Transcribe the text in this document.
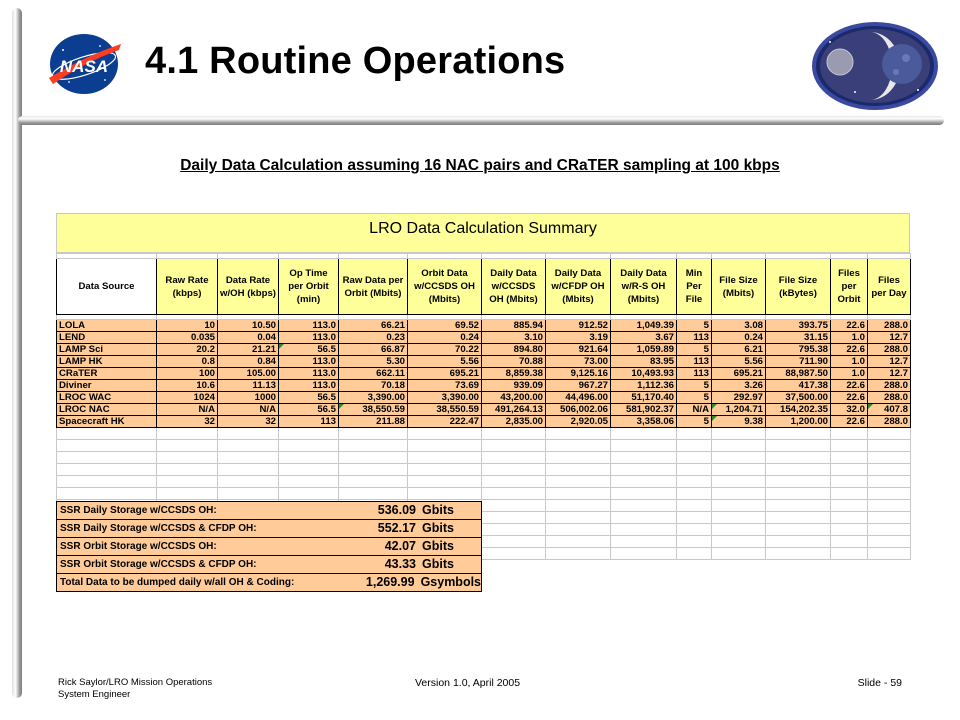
NASA 4.1 Routine Operations
Daily Data Calculation assuming 16 NAC pairs and CRaTER sampling at 100 kbps
LRO Data Calculation Summary

Data Source	Raw Rate (kbps)	Data Rate w/OH (kbps)	Op Time per Orbit (min)	Raw Data per Orbit (Mbits)	Orbit Data w/CCSDS OH (Mbits)	Daily Data w/CCSDS OH (Mbits)	Daily Data w/CFDP OH (Mbits)	Daily Data w/R-S OH (Mbits)	Min Per File	File Size (Mbits)	File Size (kBytes)	Files per Orbit	Files per Day

LOLA	10	10.50	113.0	66.21	69.52	885.94	912.52	1,049.39	5	3.08	393.75	22.6	288.0
LEND	0.035	0.04	113.0	0.23	0.24	3.10	3.19	3.67	113	0.24	31.15	1.0	12.7
LAMP Sci	20.2	21.21	56.5	66.87	70.22	894.80	921.64	1,059.89	5	6.21	795.38	22.6	288.0
LAMP HK	0.8	0.84	113.0	5.30	5.56	70.88	73.00	83.95	113	5.56	711.90	1.0	12.7
CRaTER	100	105.00	113.0	662.11	695.21	8,859.38	9,125.16	10,493.93	113	695.21	88,987.50	1.0	12.7
Diviner	10.6	11.13	113.0	70.18	73.69	939.09	967.27	1,112.36	5	3.26	417.38	22.6	288.0
LROC WAC	1024	1000	56.5	3,390.00	3,390.00	43,200.00	44,496.00	51,170.40	5	292.97	37,500.00	22.6	288.0
LROC NAC	N/A	N/A	56.5	38,550.59	38,550.59	491,264.13	506,002.06	581,902.37	N/A	1,204.71	154,202.35	32.0	407.8
Spacecraft HK	32	32	113	211.88	222.47	2,835.00	2,920.05	3,358.06	5	9.38	1,200.00	22.6	288.0

SSR Daily Storage w/CCSDS OH:	536.09 Gbits
SSR Daily Storage w/CCSDS & CFDP OH:	552.17 Gbits
SSR Orbit Storage w/CCSDS OH:	42.07 Gbits
SSR Orbit Storage w/CCSDS & CFDP OH:	43.33 Gbits
Total Data to be dumped daily w/all OH & Coding:	1,269.99 Gsymbols
Rick Saylor/LRO Mission Operations
System Engineer
Version 1.0, April 2005	Slide - 59
